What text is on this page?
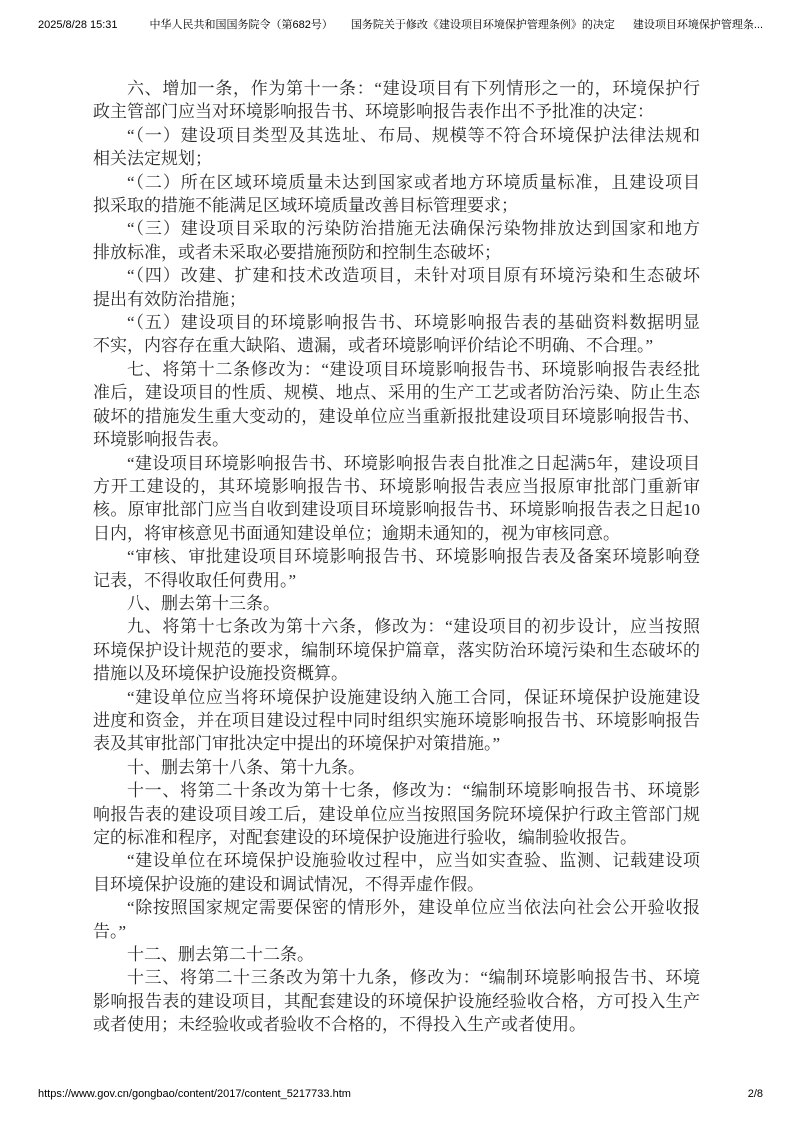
2025/8/28 15:31	中华人民共和国国务院令（第682号） 国务院关于修改《建设项目环境保护管理条例》的决定 建设项目环境保护管理条...
六、增加一条，作为第十一条：“建设项目有下列情形之一的，环境保护行
政主管部门应当对环境影响报告书、环境影响报告表作出不予批准的决定：
“（一）建设项目类型及其选址、布局、规模等不符合环境保护法律法规和
相关法定规划；
“（二）所在区域环境质量未达到国家或者地方环境质量标准，且建设项目
拟采取的措施不能满足区域环境质量改善目标管理要求；
“（三）建设项目采取的污染防治措施无法确保污染物排放达到国家和地方
排放标准，或者未采取必要措施预防和控制生态破坏；
“（四）改建、扩建和技术改造项目，未针对项目原有环境污染和生态破坏
提出有效防治措施；
“（五）建设项目的环境影响报告书、环境影响报告表的基础资料数据明显
不实，内容存在重大缺陷、遗漏，或者环境影响评价结论不明确、不合理。”
七、将第十二条修改为：“建设项目环境影响报告书、环境影响报告表经批
准后，建设项目的性质、规模、地点、采用的生产工艺或者防治污染、防止生态
破坏的措施发生重大变动的，建设单位应当重新报批建设项目环境影响报告书、
环境影响报告表。
“建设项目环境影响报告书、环境影响报告表自批准之日起满5年，建设项目
方开工建设的，其环境影响报告书、环境影响报告表应当报原审批部门重新审
核。原审批部门应当自收到建设项目环境影响报告书、环境影响报告表之日起10
日内，将审核意见书面通知建设单位；逾期未通知的，视为审核同意。
“审核、审批建设项目环境影响报告书、环境影响报告表及备案环境影响登
记表，不得收取任何费用。”
八、删去第十三条。
九、将第十七条改为第十六条，修改为：“建设项目的初步设计，应当按照
环境保护设计规范的要求，编制环境保护篇章，落实防治环境污染和生态破坏的
措施以及环境保护设施投资概算。
“建设单位应当将环境保护设施建设纳入施工合同，保证环境保护设施建设
进度和资金，并在项目建设过程中同时组织实施环境影响报告书、环境影响报告
表及其审批部门审批决定中提出的环境保护对策措施。”
十、删去第十八条、第十九条。
十一、将第二十条改为第十七条，修改为：“编制环境影响报告书、环境影
响报告表的建设项目竣工后，建设单位应当按照国务院环境保护行政主管部门规
定的标准和程序，对配套建设的环境保护设施进行验收，编制验收报告。
“建设单位在环境保护设施验收过程中，应当如实查验、监测、记载建设项
目环境保护设施的建设和调试情况，不得弄虚作假。
“除按照国家规定需要保密的情形外，建设单位应当依法向社会公开验收报
告。”
十二、删去第二十二条。
十三、将第二十三条改为第十九条，修改为：“编制环境影响报告书、环境
影响报告表的建设项目，其配套建设的环境保护设施经验收合格，方可投入生产
或者使用；未经验收或者验收不合格的，不得投入生产或者使用。
https://www.gov.cn/gongbao/content/2017/content_5217733.htm	2/8
